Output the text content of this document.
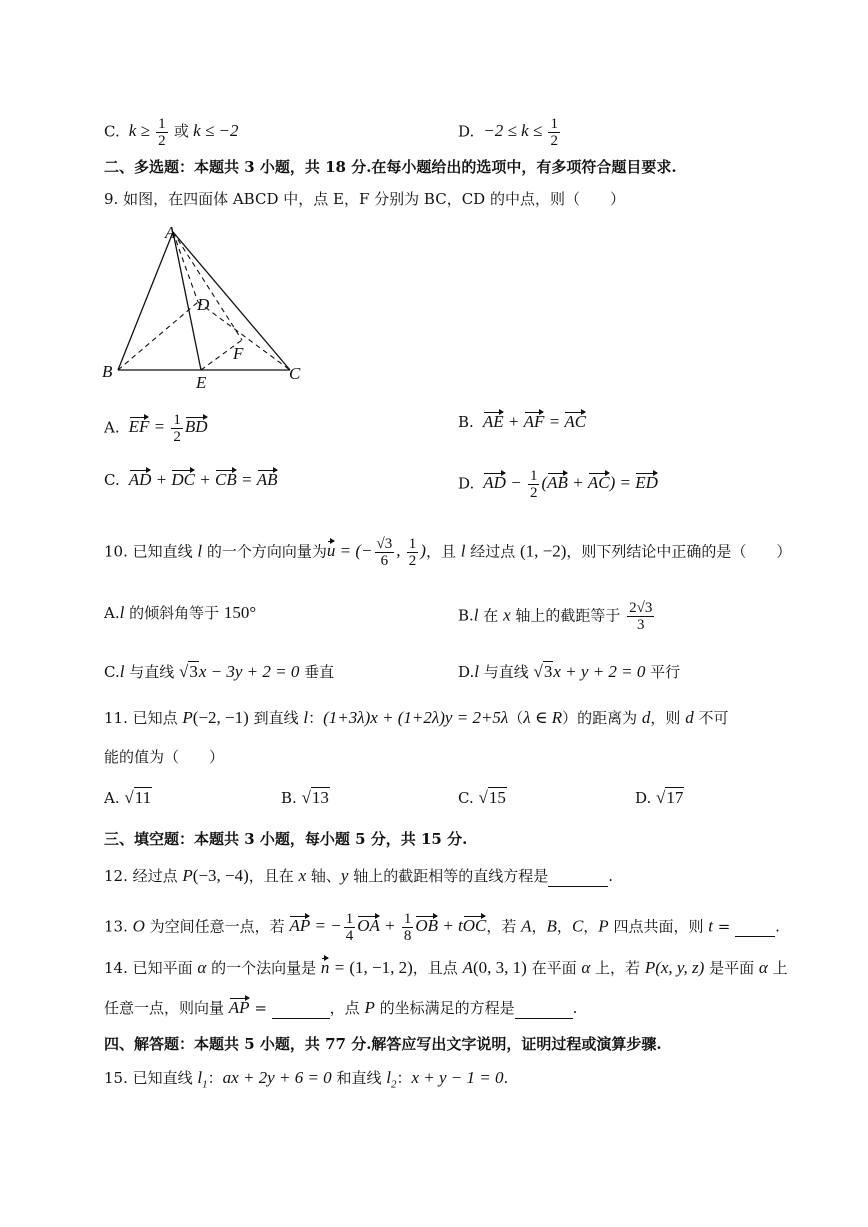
C.  $k \ge \frac{1}{2}$ 或 k ≤ −2	D.  $-2 \le k \le \frac{1}{2}$
二、多选题：本题共 3 小题，共 18 分.在每小题给出的选项中，有多项符合题目要求.
9. 如图，在四面体 ABCD 中，点 E，F 分别为 BC，CD 的中点，则（　　）
A
B	C
D
E
F
A. EF = $\frac{1}{2}$ BD	B. AE + AF = AC
C. AD + DC + CB = AB	D. AD − $\frac{1}{2} (AB + AC)$ = ED
10. 已知直线 l 的一个方向向量为u = (− $\frac{√3}{6}$ , $\frac{1}{2}$ )，且 l 经过点 (1, −2)，则下列结论中正确的是（　　）
A.l 的倾斜角等于 150°	B.l 在 x 轴上的截距等于 $\frac{2√3}{3}$
C.l 与直线 √3x − 3y + 2 = 0 垂直	D.l 与直线 √3x + y + 2 = 0 平行
11. 已知点 P(−2, −1) 到直线 l：(1+3λ)x + (1+2λ)y = 2+5λ（λ ∈ R）的距离为 d，则 d 不可
能的值为（　　）
A. √11	B. √13	C. √15	D. √17
三、填空题：本题共 3 小题，每小题 5 分，共 15 分.
12. 经过点 P(−3, −4)，且在 x 轴、y 轴上的截距相等的直线方程是	.
13. O 为空间任意一点，若 AP = − $\frac{1}{4}$ OA + $\frac{1}{8}$ OB + tOC，若 A，B，C，P 四点共面，则 t =	.
14. 已知平面 α 的一个法向量是 n = (1, −1, 2)，且点 A(0, 3, 1) 在平面 α 上，若 P(x, y, z) 是平面 α 上
任意一点，则向量 AP =	，点 P 的坐标满足的方程是	.
四、解答题：本题共 5 小题，共 77 分.解答应写出文字说明，证明过程或演算步骤.
15. 已知直线 $l_1$：ax + 2y + 6 = 0 和直线 $l_2$：x + y − 1 = 0.
